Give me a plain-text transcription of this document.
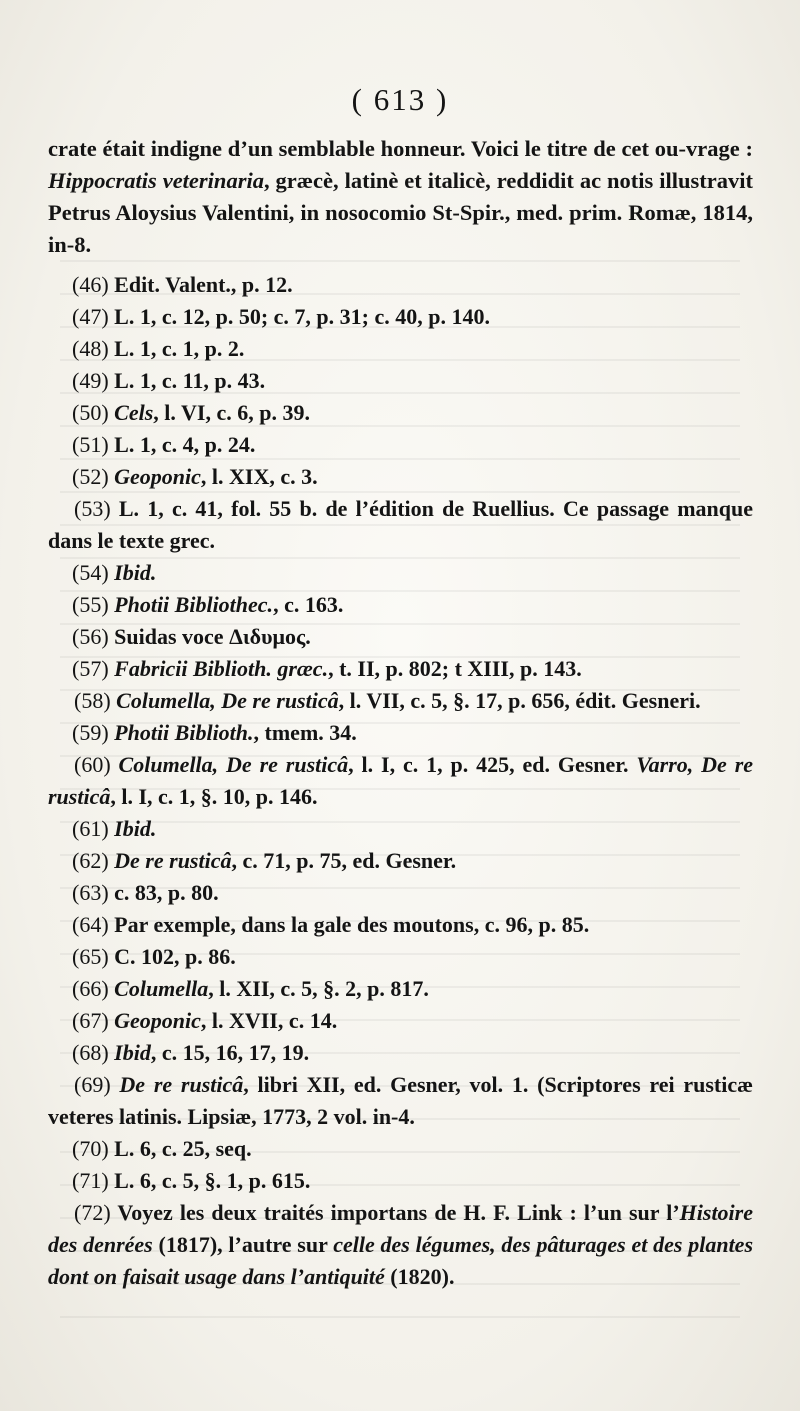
( 613 )

crate était indigne d’un semblable honneur. Voici le titre de cet ou-vrage : Hippocratis veterinaria, græcè, latinè et italicè, reddidit ac notis illustravit Petrus Aloysius Valentini, in nosocomio St-Spir., med. prim. Romæ, 1814, in-8.

(46) Edit. Valent., p. 12.

(47) L. 1, c. 12, p. 50; c. 7, p. 31; c. 40, p. 140.

(48) L. 1, c. 1, p. 2.

(49) L. 1, c. 11, p. 43.

(50) Cels, l. VI, c. 6, p. 39.

(51) L. 1, c. 4, p. 24.

(52) Geoponic, l. XIX, c. 3.

(53) L. 1, c. 41, fol. 55 b. de l’édition de Ruellius. Ce passage manque dans le texte grec.

(54) Ibid.

(55) Photii Bibliothec., c. 163.

(56) Suidas voce Διδυμος.

(57) Fabricii Biblioth. græc., t. II, p. 802; t XIII, p. 143.

(58) Columella, De re rusticâ, l. VII, c. 5, §. 17, p. 656, édit. Gesneri.

(59) Photii Biblioth., tmem. 34.

(60) Columella, De re rusticâ, l. I, c. 1, p. 425, ed. Gesner. Varro, De re rusticâ, l. I, c. 1, §. 10, p. 146.

(61) Ibid.

(62) De re rusticâ, c. 71, p. 75, ed. Gesner.

(63) c. 83, p. 80.

(64) Par exemple, dans la gale des moutons, c. 96, p. 85.

(65) C. 102, p. 86.

(66) Columella, l. XII, c. 5, §. 2, p. 817.

(67) Geoponic, l. XVII, c. 14.

(68) Ibid, c. 15, 16, 17, 19.

(69) De re rusticâ, libri XII, ed. Gesner, vol. 1. (Scriptores rei rusticæ veteres latinis. Lipsiæ, 1773, 2 vol. in-4.

(70) L. 6, c. 25, seq.

(71) L. 6, c. 5, §. 1, p. 615.

(72) Voyez les deux traités importans de H. F. Link : l’un sur l’Histoire des denrées (1817), l’autre sur celle des légumes, des pâturages et des plantes dont on faisait usage dans l’antiquité (1820).
